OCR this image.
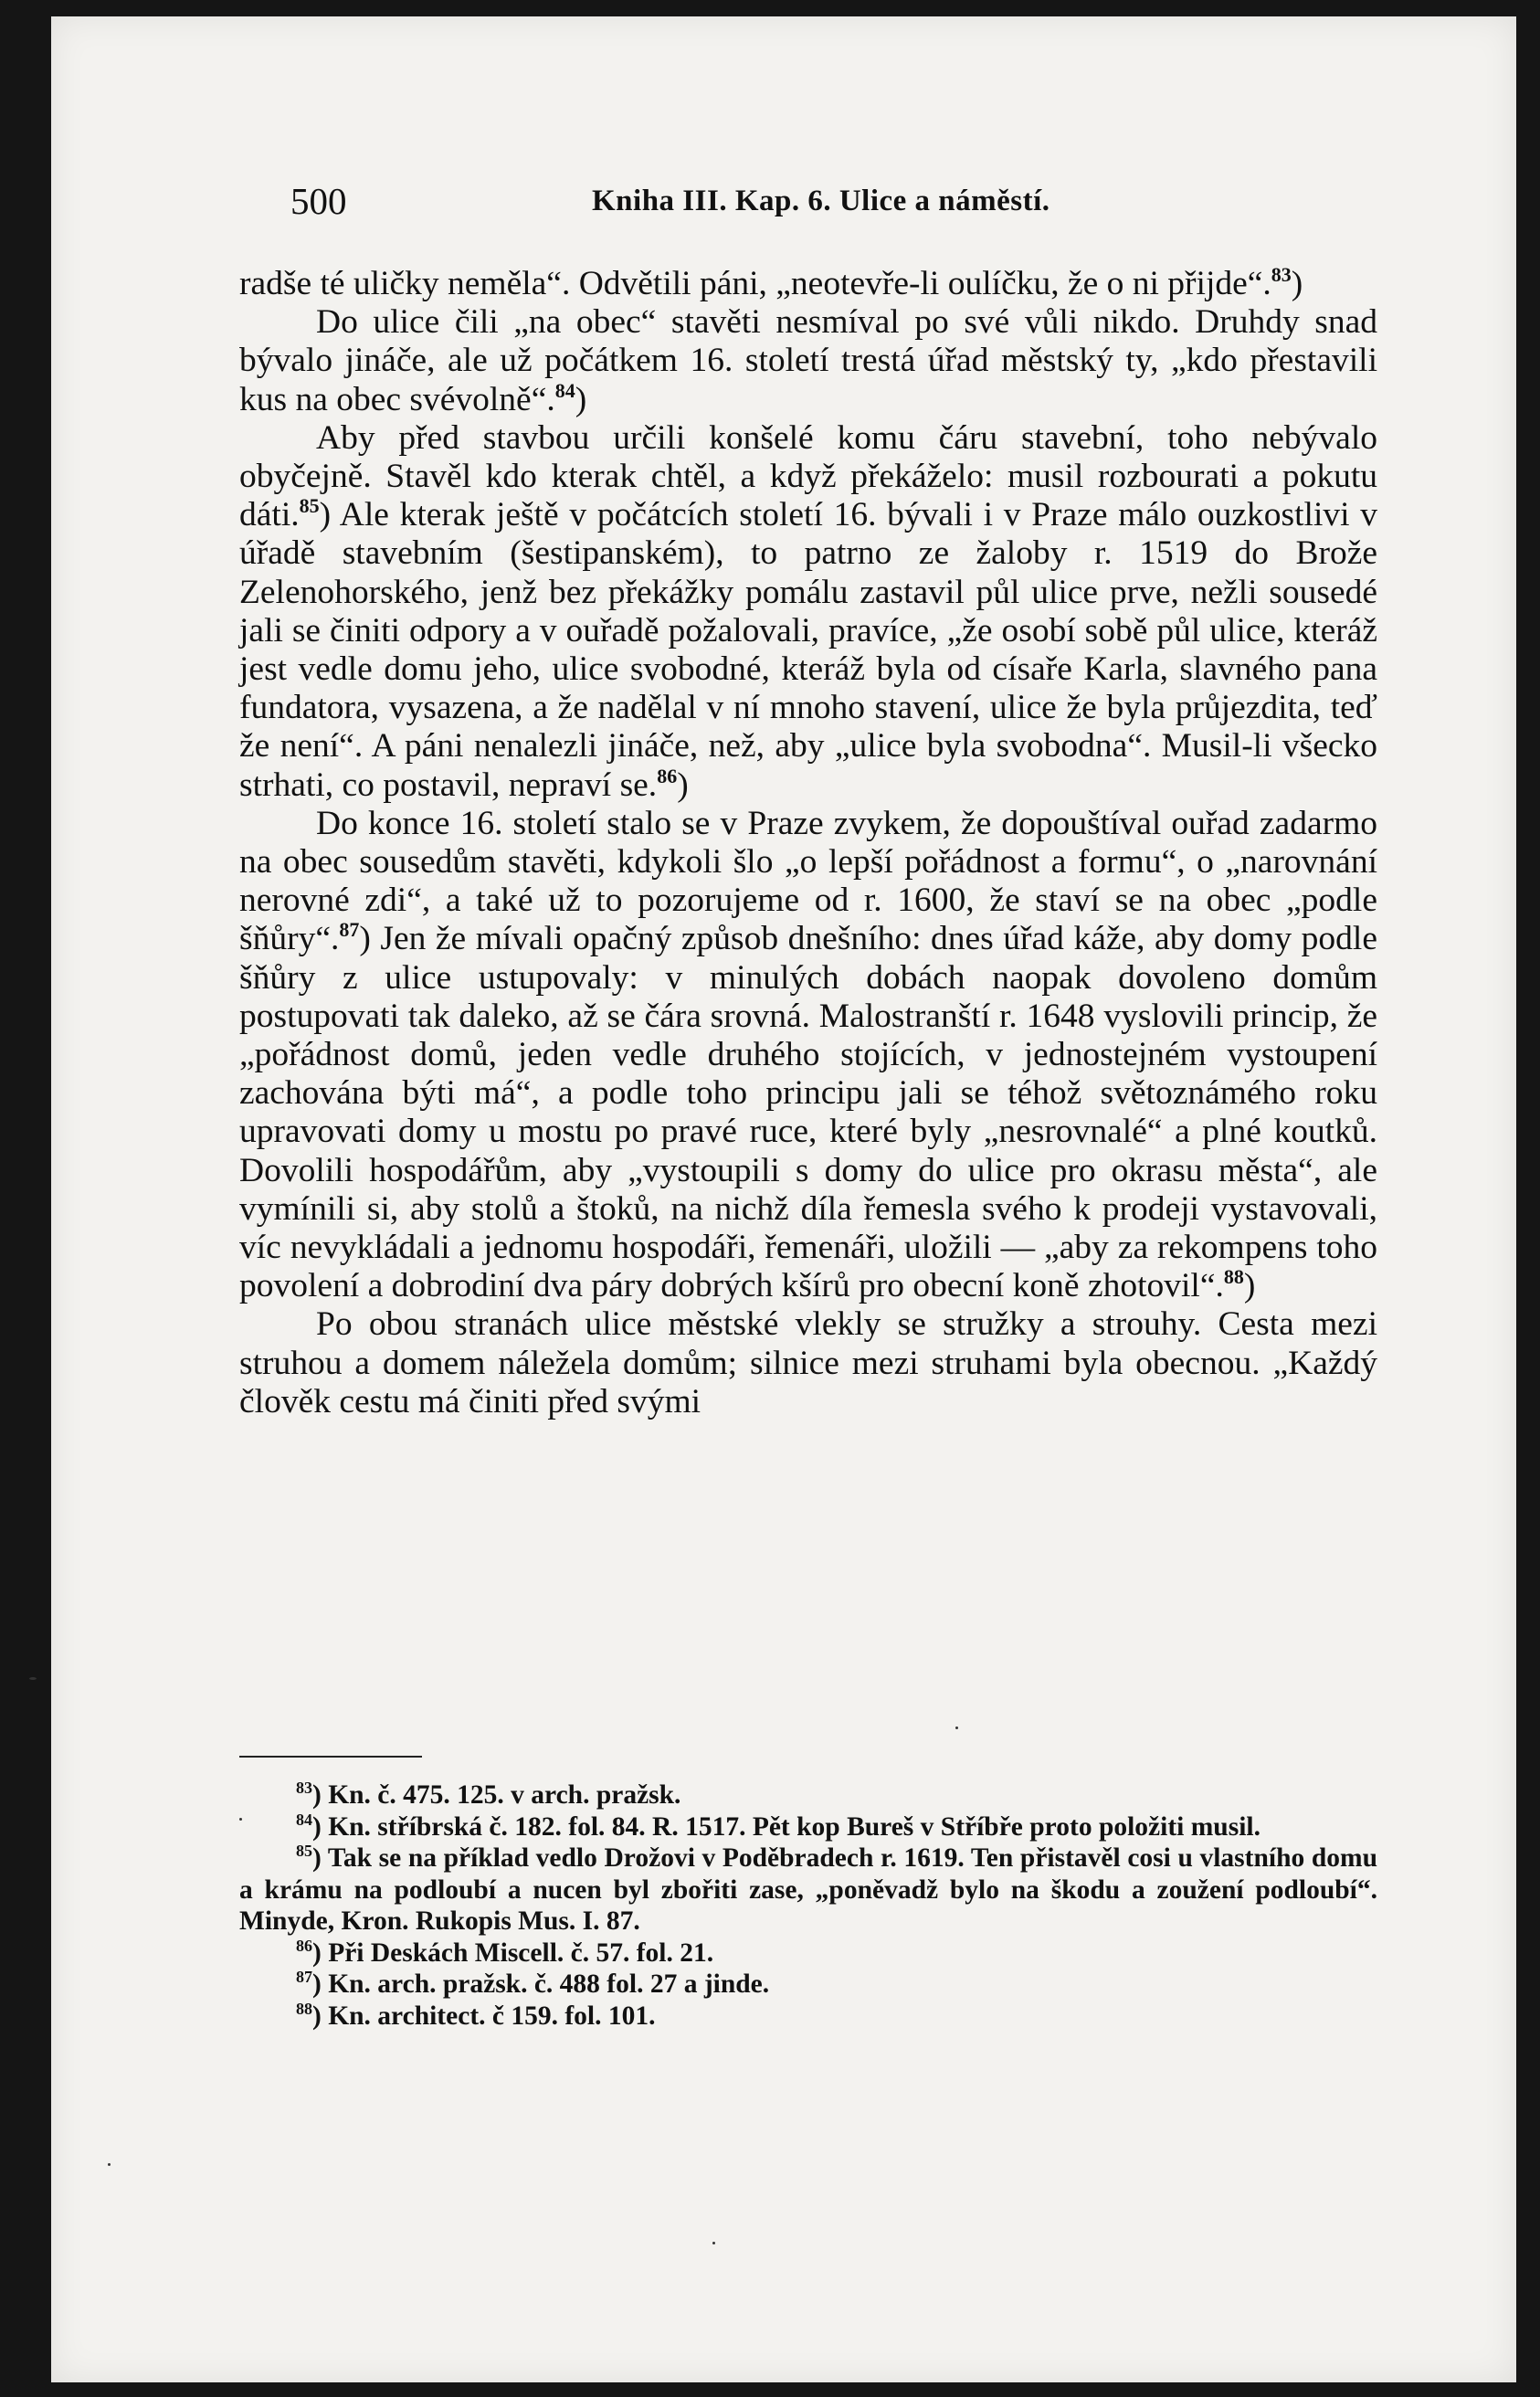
500	Kniha III. Kap. 6. Ulice a náměstí.

radše té uličky neměla“. Odvětili páni, „neotevře-li oulíčku, že o ni přijde“.$^{83}$)

Do ulice čili „na obec“ stavěti nesmíval po své vůli nikdo. Druhdy snad bývalo jináče, ale už počátkem 16. století trestá úřad městský ty, „kdo přestavili kus na obec svévolně“.$^{84}$)

Aby před stavbou určili konšelé komu čáru stavební, toho nebývalo obyčejně. Stavěl kdo kterak chtěl, a když překáželo: musil rozbourati a pokutu dáti.$^{85}$) Ale kterak ještě v počátcích století 16. bývali i v Praze málo ouzkostlivi v úřadě stavebním (šestipanském), to patrno ze žaloby r. 1519 do Brože Zelenohorského, jenž bez překážky pomálu zastavil půl ulice prve, nežli sousedé jali se činiti odpory a v ouřadě požalovali, pravíce, „že osobí sobě půl ulice, kteráž jest vedle domu jeho, ulice svobodné, kteráž byla od císaře Karla, slavného pana fundatora, vysazena, a že nadělal v ní mnoho stavení, ulice že byla průjezdita, teď že není“. A páni nenalezli jináče, než, aby „ulice byla svobodna“. Musil-li všecko strhati, co postavil, nepraví se.$^{86}$)

Do konce 16. století stalo se v Praze zvykem, že dopouštíval ouřad zadarmo na obec sousedům stavěti, kdykoli šlo „o lepší pořádnost a formu“, o „narovnání nerovné zdi“, a také už to pozorujeme od r. 1600, že staví se na obec „podle šňůry“.$^{87}$) Jen že mívali opačný způsob dnešního: dnes úřad káže, aby domy podle šňůry z ulice ustupovaly: v minulých dobách naopak dovoleno domům postupovati tak daleko, až se čára srovná. Malostranští r. 1648 vyslovili princip, že „pořádnost domů, jeden vedle druhého stojících, v jednostejném vystoupení zachována býti má“, a podle toho principu jali se téhož světoznámého roku upravovati domy u mostu po pravé ruce, které byly „nesrovnalé“ a plné koutků. Dovolili hospodářům, aby „vystoupili s domy do ulice pro okrasu města“, ale vymínili si, aby stolů a štoků, na nichž díla řemesla svého k prodeji vystavovali, víc nevykládali a jednomu hospodáři, řemenáři, uložili — „aby za rekompens toho povolení a dobrodiní dva páry dobrých kšírů pro obecní koně zhotovil“.$^{88}$)

Po obou stranách ulice městské vlekly se stružky a strouhy. Cesta mezi struhou a domem náležela domům; silnice mezi struhami byla obecnou. „Každý člověk cestu má činiti před svými

$^{83}$) Kn. č. 475. 125. v arch. pražsk.

$^{84}$) Kn. stříbrská č. 182. fol. 84. R. 1517. Pět kop Bureš v Stříbře proto položiti musil.

$^{85}$) Tak se na příklad vedlo Drožovi v Poděbradech r. 1619. Ten přistavěl cosi u vlastního domu a krámu na podloubí a nucen byl zbořiti zase, „poněvadž bylo na škodu a zoužení podloubí“. Minyde, Kron. Rukopis Mus. I. 87.

$^{86}$) Při Deskách Miscell. č. 57. fol. 21.

$^{87}$) Kn. arch. pražsk. č. 488 fol. 27 a jinde.

$^{88}$) Kn. architect. č 159. fol. 101.
